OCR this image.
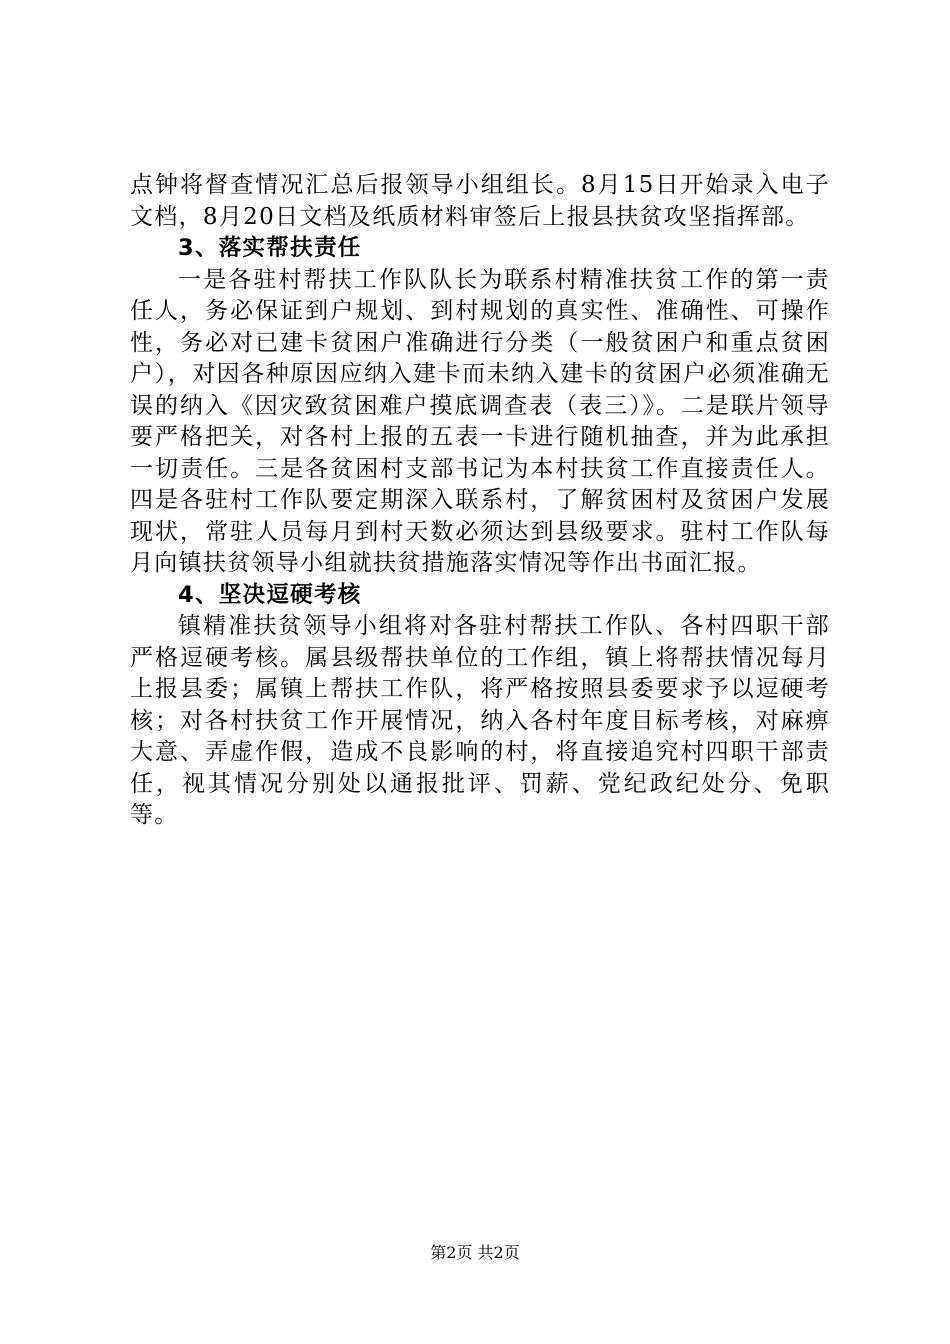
点钟将督查情况汇总后报领导小组组长。8月15日开始录入电子文档，8月20日文档及纸质材料审签后上报县扶贫攻坚指挥部。

3、落实帮扶责任

一是各驻村帮扶工作队队长为联系村精准扶贫工作的第一责任人，务必保证到户规划、到村规划的真实性、准确性、可操作性，务必对已建卡贫困户准确进行分类（一般贫困户和重点贫困户），对因各种原因应纳入建卡而未纳入建卡的贫困户必须准确无误的纳入《因灾致贫困难户摸底调查表（表三）》。二是联片领导要严格把关，对各村上报的五表一卡进行随机抽查，并为此承担一切责任。三是各贫困村支部书记为本村扶贫工作直接责任人。四是各驻村工作队要定期深入联系村，了解贫困村及贫困户发展现状，常驻人员每月到村天数必须达到县级要求。驻村工作队每月向镇扶贫领导小组就扶贫措施落实情况等作出书面汇报。

4、坚决逗硬考核

镇精准扶贫领导小组将对各驻村帮扶工作队、各村四职干部严格逗硬考核。属县级帮扶单位的工作组，镇上将帮扶情况每月上报县委；属镇上帮扶工作队，将严格按照县委要求予以逗硬考核；对各村扶贫工作开展情况，纳入各村年度目标考核，对麻痹大意、弄虚作假，造成不良影响的村，将直接追究村四职干部责任，视其情况分别处以通报批评、罚薪、党纪政纪处分、免职等。

第2页 共2页
